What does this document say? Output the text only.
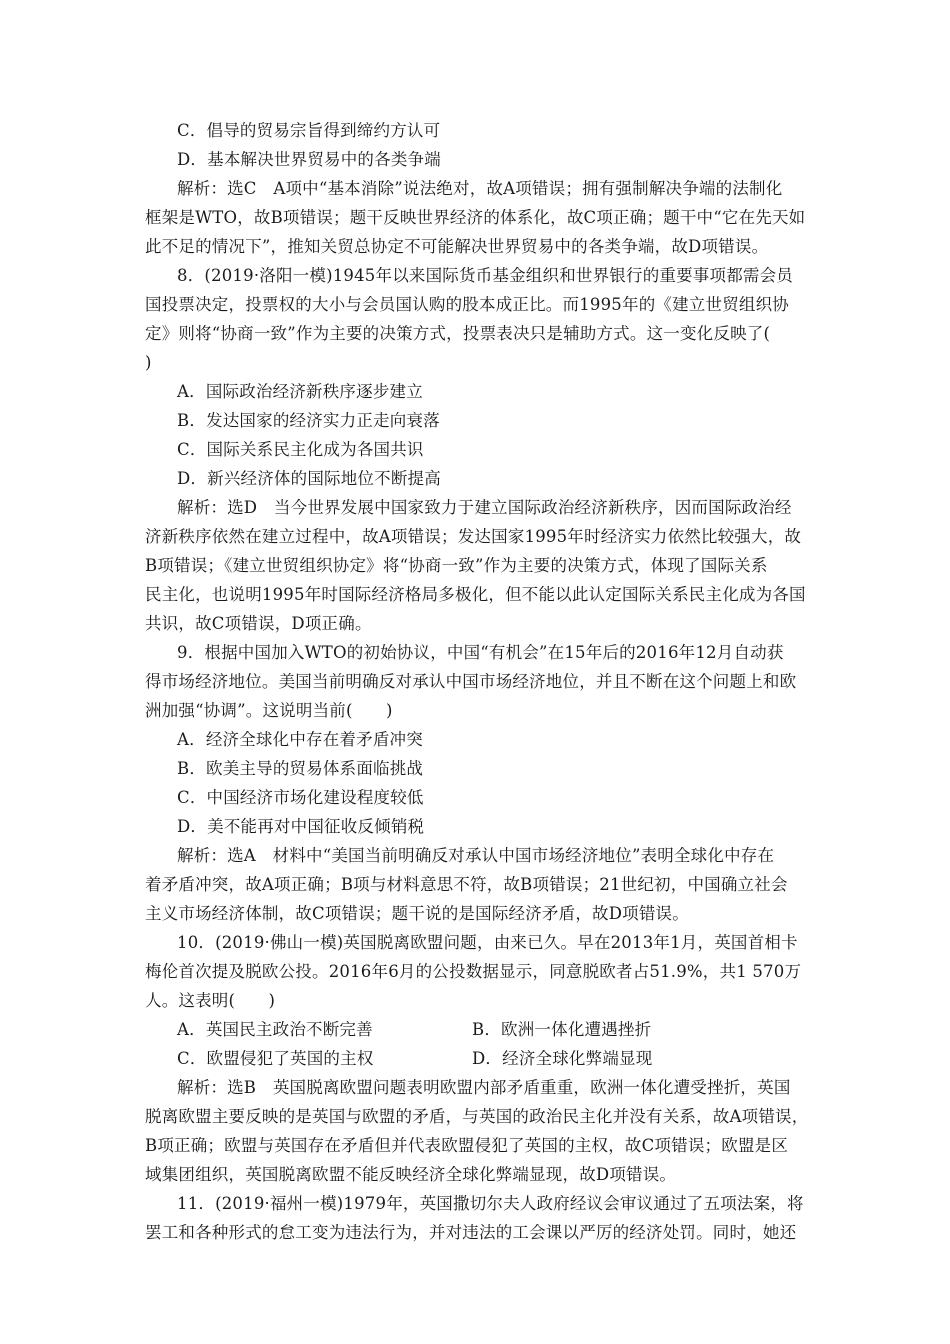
C．倡导的贸易宗旨得到缔约方认可
D．基本解决世界贸易中的各类争端
解析：选C　A项中“基本消除”说法绝对，故A项错误；拥有强制解决争端的法制化
框架是WTO，故B项错误；题干反映世界经济的体系化，故C项正确；题干中“它在先天如
此不足的情况下”，推知关贸总协定不可能解决世界贸易中的各类争端，故D项错误。
8．(2019·洛阳一模)1945年以来国际货币基金组织和世界银行的重要事项都需会员
国投票决定，投票权的大小与会员国认购的股本成正比。而1995年的《建立世贸组织协
定》则将“协商一致”作为主要的决策方式，投票表决只是辅助方式。这一变化反映了(
)
A．国际政治经济新秩序逐步建立
B．发达国家的经济实力正走向衰落
C．国际关系民主化成为各国共识
D．新兴经济体的国际地位不断提高
解析：选D　当今世界发展中国家致力于建立国际政治经济新秩序，因而国际政治经
济新秩序依然在建立过程中，故A项错误；发达国家1995年时经济实力依然比较强大，故
B项错误；《建立世贸组织协定》将“协商一致”作为主要的决策方式，体现了国际关系
民主化，也说明1995年时国际经济格局多极化，但不能以此认定国际关系民主化成为各国
共识，故C项错误，D项正确。
9．根据中国加入WTO的初始协议，中国“有机会”在15年后的2016年12月自动获
得市场经济地位。美国当前明确反对承认中国市场经济地位，并且不断在这个问题上和欧
洲加强“协调”。这说明当前(　　)
A．经济全球化中存在着矛盾冲突
B．欧美主导的贸易体系面临挑战
C．中国经济市场化建设程度较低
D．美不能再对中国征收反倾销税
解析：选A　材料中“美国当前明确反对承认中国市场经济地位”表明全球化中存在
着矛盾冲突，故A项正确；B项与材料意思不符，故B项错误；21世纪初，中国确立社会
主义市场经济体制，故C项错误；题干说的是国际经济矛盾，故D项错误。
10．(2019·佛山一模)英国脱离欧盟问题，由来已久。早在2013年1月，英国首相卡
梅伦首次提及脱欧公投。2016年6月的公投数据显示，同意脱欧者占51.9%，共1 570万
人。这表明(　　)
A．英国民主政治不断完善	B．欧洲一体化遭遇挫折
C．欧盟侵犯了英国的主权	D．经济全球化弊端显现
解析：选B　英国脱离欧盟问题表明欧盟内部矛盾重重，欧洲一体化遭受挫折，英国
脱离欧盟主要反映的是英国与欧盟的矛盾，与英国的政治民主化并没有关系，故A项错误，
B项正确；欧盟与英国存在矛盾但并代表欧盟侵犯了英国的主权，故C项错误；欧盟是区
域集团组织，英国脱离欧盟不能反映经济全球化弊端显现，故D项错误。
11．(2019·福州一模)1979年，英国撒切尔夫人政府经议会审议通过了五项法案，将
罢工和各种形式的怠工变为违法行为，并对违法的工会课以严厉的经济处罚。同时，她还
